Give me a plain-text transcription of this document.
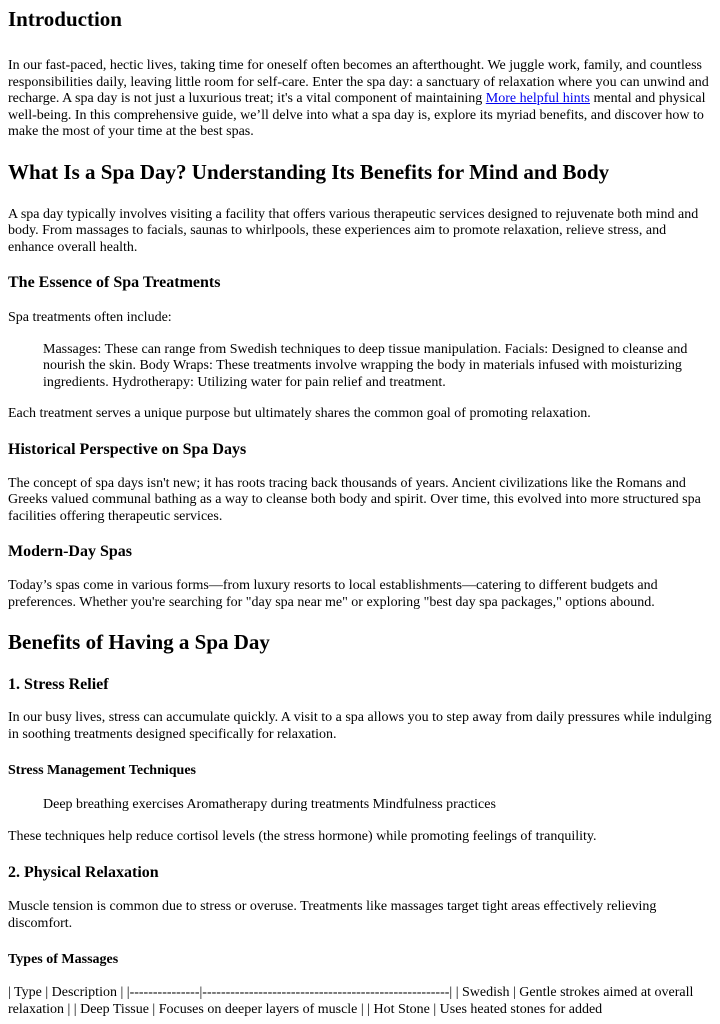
Introduction

In our fast-paced, hectic lives, taking time for oneself often becomes an afterthought. We juggle work, family, and countless responsibilities daily, leaving little room for self-care. Enter the spa day: a sanctuary of relaxation where you can unwind and recharge. A spa day is not just a luxurious treat; it's a vital component of maintaining More helpful hints mental and physical well-being. In this comprehensive guide, we’ll delve into what a spa day is, explore its myriad benefits, and discover how to make the most of your time at the best spas.

What Is a Spa Day? Understanding Its Benefits for Mind and Body

A spa day typically involves visiting a facility that offers various therapeutic services designed to rejuvenate both mind and body. From massages to facials, saunas to whirlpools, these experiences aim to promote relaxation, relieve stress, and enhance overall health.

The Essence of Spa Treatments

Spa treatments often include:

Massages: These can range from Swedish techniques to deep tissue manipulation. Facials: Designed to cleanse and nourish the skin. Body Wraps: These treatments involve wrapping the body in materials infused with moisturizing ingredients. Hydrotherapy: Utilizing water for pain relief and treatment.

Each treatment serves a unique purpose but ultimately shares the common goal of promoting relaxation.

Historical Perspective on Spa Days

The concept of spa days isn't new; it has roots tracing back thousands of years. Ancient civilizations like the Romans and Greeks valued communal bathing as a way to cleanse both body and spirit. Over time, this evolved into more structured spa facilities offering therapeutic services.

Modern-Day Spas

Today’s spas come in various forms—from luxury resorts to local establishments—catering to different budgets and preferences. Whether you're searching for "day spa near me" or exploring "best day spa packages," options abound.

Benefits of Having a Spa Day
1. Stress Relief

In our busy lives, stress can accumulate quickly. A visit to a spa allows you to step away from daily pressures while indulging in soothing treatments designed specifically for relaxation.

Stress Management Techniques
Deep breathing exercises Aromatherapy during treatments Mindfulness practices

These techniques help reduce cortisol levels (the stress hormone) while promoting feelings of tranquility.

2. Physical Relaxation

Muscle tension is common due to stress or overuse. Treatments like massages target tight areas effectively relieving discomfort.

Types of Massages

| Type | Description | |---------------|-----------------------------------------------------| | Swedish | Gentle strokes aimed at overall relaxation | | Deep Tissue | Focuses on deeper layers of muscle | | Hot Stone | Uses heated stones for added
